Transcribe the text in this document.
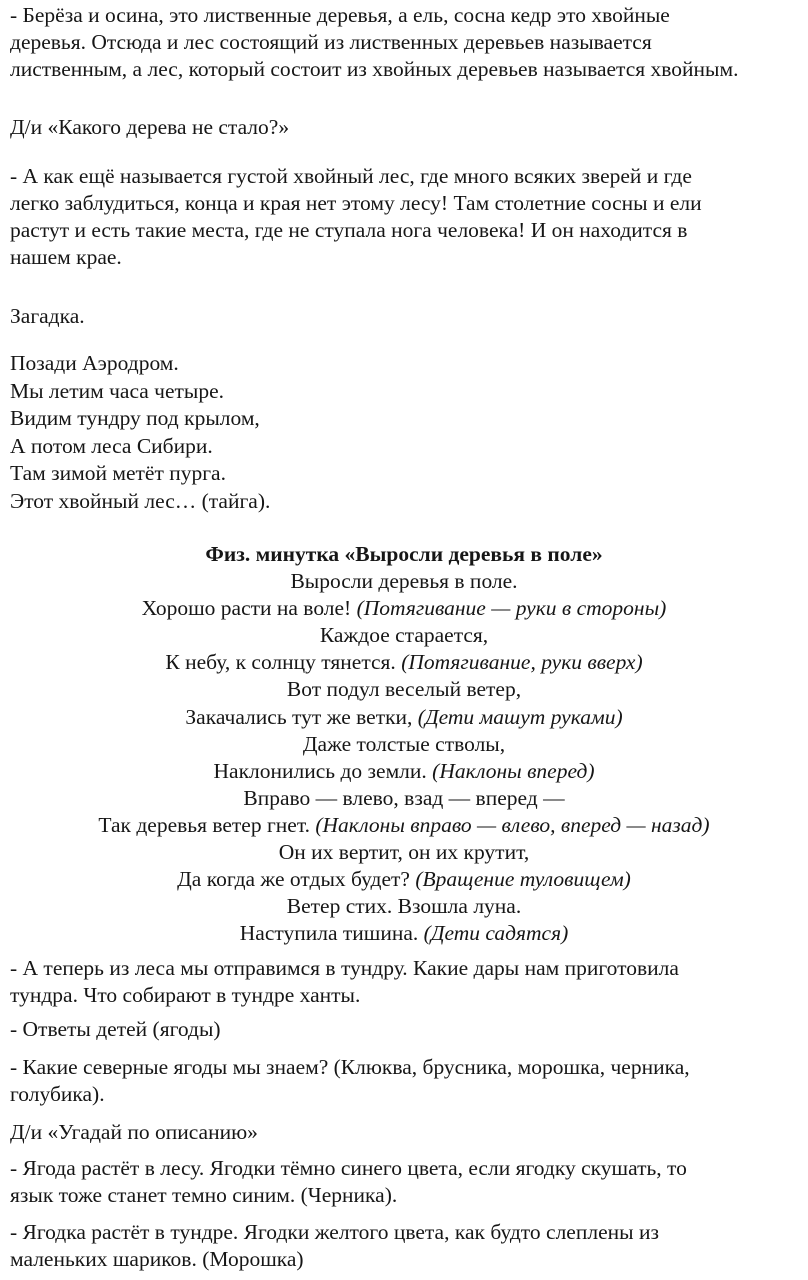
- Берёза и осина, это лиственные деревья, а ель, сосна кедр это хвойные
деревья. Отсюда и лес состоящий из лиственных деревьев называется
лиственным, а лес, который состоит из хвойных деревьев называется хвойным.

Д/и «Какого дерева не стало?»

- А как ещё называется густой хвойный лес, где много всяких зверей и где
легко заблудиться, конца и края нет этому лесу! Там столетние сосны и ели
растут и есть такие места, где не ступала нога человека! И он находится в
нашем крае.

Загадка.

Позади Аэродром.
Мы летим часа четыре.
Видим тундру под крылом,
А потом леса Сибири.
Там зимой метёт пурга.
Этот хвойный лес… (тайга).

Физ. минутка «Выросли деревья в поле»
Выросли деревья в поле.
Хорошо расти на воле! (Потягивание — руки в стороны)
Каждое старается,
К небу, к солнцу тянется. (Потягивание, руки вверх)
Вот подул веселый ветер,
Закачались тут же ветки, (Дети машут руками)
Даже толстые стволы,
Наклонились до земли. (Наклоны вперед)
Вправо — влево, взад — вперед —
Так деревья ветер гнет. (Наклоны вправо — влево, вперед — назад)
Он их вертит, он их крутит,
Да когда же отдых будет? (Вращение туловищем)
Ветер стих. Взошла луна.
Наступила тишина. (Дети садятся)

- А теперь из леса мы отправимся в тундру. Какие дары нам приготовила
тундра. Что собирают в тундре ханты.

- Ответы детей (ягоды)

- Какие северные ягоды мы знаем? (Клюква, брусника, морошка, черника,
голубика).

Д/и «Угадай по описанию»

- Ягода растёт в лесу. Ягодки тёмно синего цвета, если ягодку скушать, то
язык тоже станет темно синим. (Черника).

- Ягодка растёт в тундре. Ягодки желтого цвета, как будто слеплены из
маленьких шариков. (Морошка)
